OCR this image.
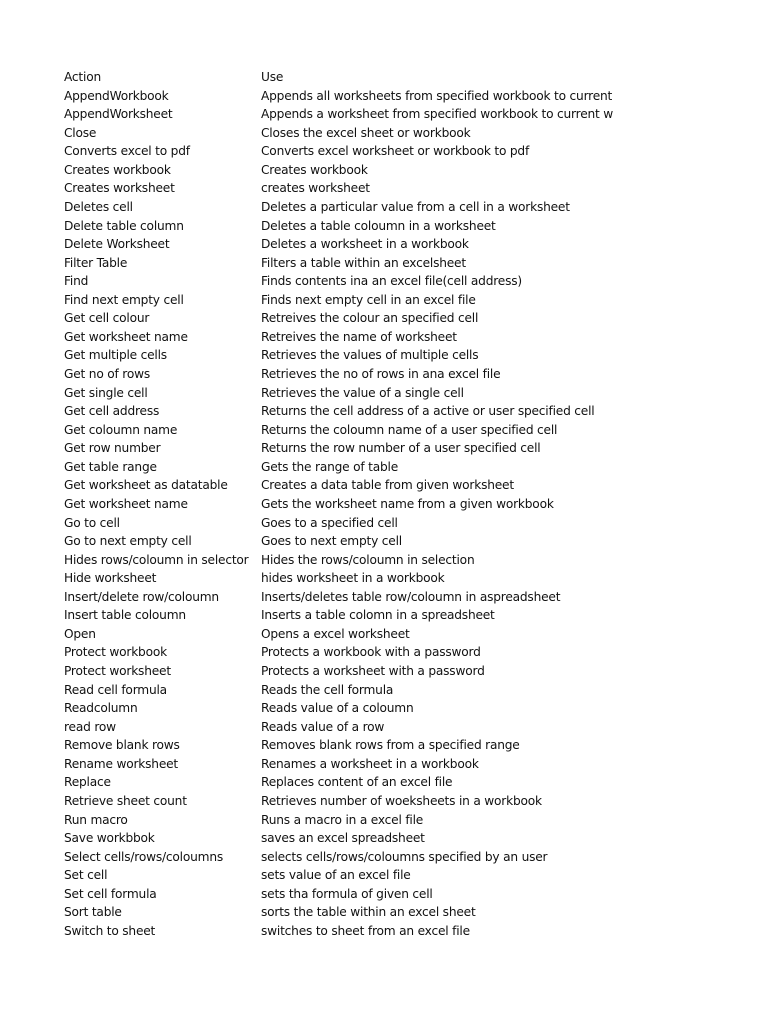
Action	Use
AppendWorkbook	Appends all worksheets from specified workbook to current
AppendWorksheet	Appends a worksheet from specified workbook to current w
Close	Closes the excel sheet or workbook
Converts excel to pdf	Converts excel worksheet or workbook to pdf
Creates workbook	Creates workbook
Creates worksheet	creates worksheet
Deletes cell	Deletes a particular value from a cell in a worksheet
Delete table column	Deletes a table coloumn in a worksheet
Delete Worksheet	Deletes a worksheet in a workbook
Filter Table	Filters a table within an excelsheet
Find	Finds contents ina an excel file(cell address)
Find next empty cell	Finds next empty cell in an excel file
Get cell colour	Retreives the colour an specified cell
Get worksheet name	Retreives the name of worksheet
Get multiple cells	Retrieves the values of multiple cells
Get no of rows	Retrieves the no of rows in ana excel file
Get single cell	Retrieves the value of a single cell
Get cell address	Returns the cell address of a active or user specified cell
Get coloumn name	Returns the coloumn name of a user specified cell
Get row number	Returns the row number of a user specified cell
Get table range	Gets the range of table
Get worksheet as datatable	Creates a data table from given worksheet
Get worksheet name	Gets the worksheet name from a given workbook
Go to cell	Goes to a specified cell
Go to next empty cell	Goes to next empty cell
Hides rows/coloumn in selector	Hides the rows/coloumn in selection
Hide worksheet	hides worksheet in a workbook
Insert/delete row/coloumn	Inserts/deletes table row/coloumn in aspreadsheet
Insert table coloumn	Inserts a table colomn in a spreadsheet
Open	Opens a excel worksheet
Protect workbook	Protects a workbook with a password
Protect worksheet	Protects a worksheet with a password
Read cell formula	Reads the cell formula
Readcolumn	Reads value of a coloumn
read row	Reads value of a row
Remove blank rows	Removes blank rows from a specified range
Rename worksheet	Renames a worksheet in a workbook
Replace	Replaces content of an excel file
Retrieve sheet count	Retrieves number of woeksheets in a workbook
Run macro	Runs a macro in a excel file
Save workbbok	saves an excel spreadsheet
Select cells/rows/coloumns	selects cells/rows/coloumns specified by an user
Set cell	sets value of an excel file
Set cell formula	sets tha formula of given cell
Sort table	sorts the table within an excel sheet
Switch to sheet	switches to sheet from an excel file
